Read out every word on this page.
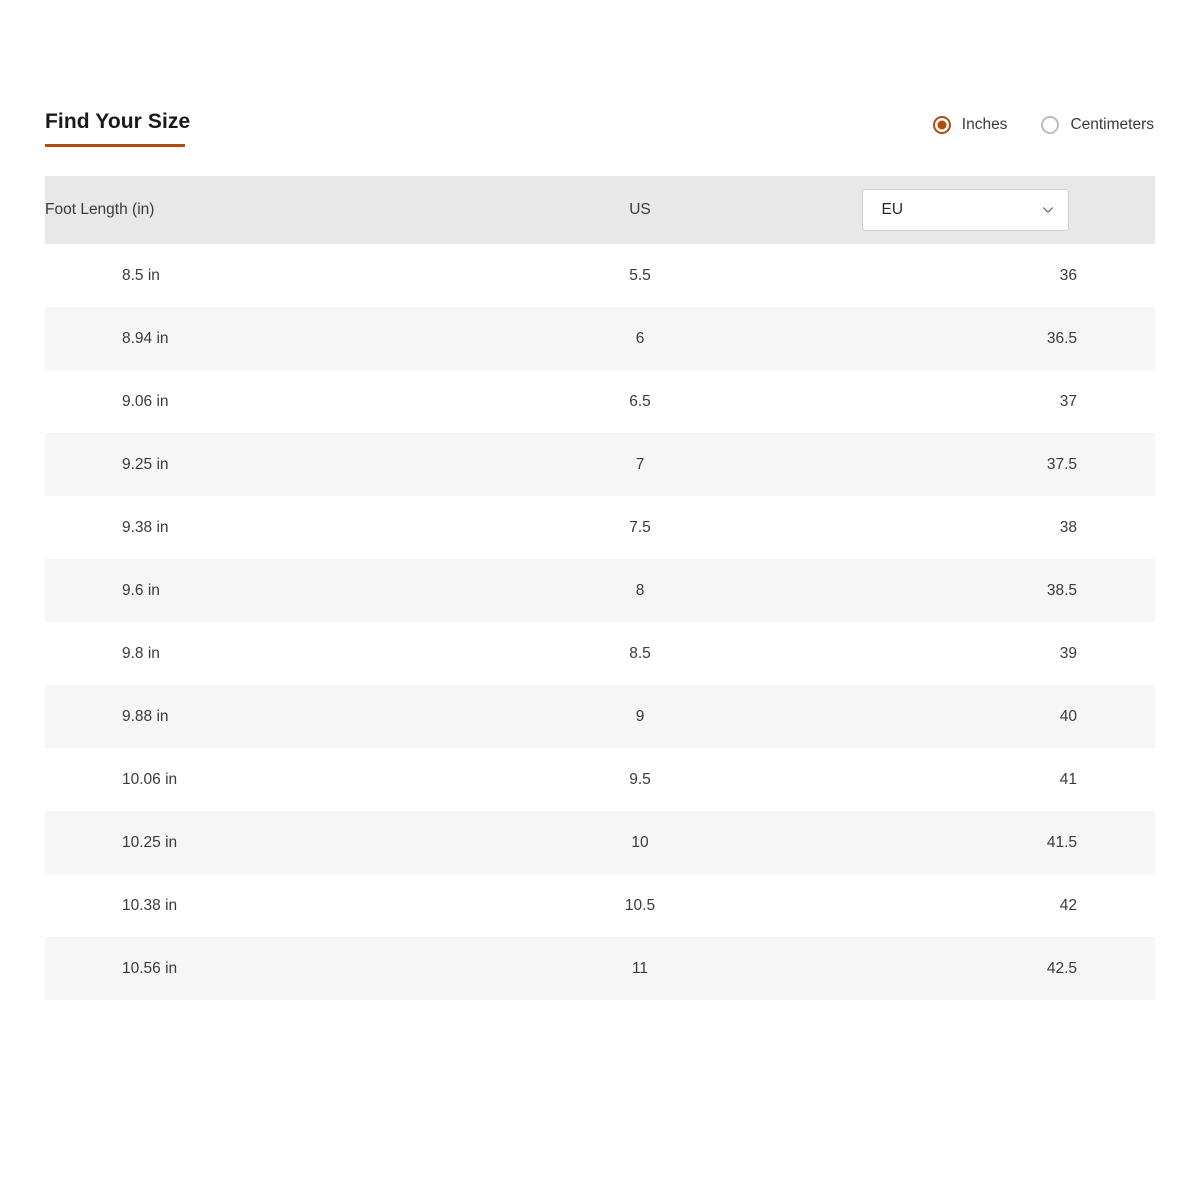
Find Your Size	Inches	Centimeters
Foot Length (in)	US	EU

8.5 in	5.5	36
8.94 in	6	36.5
9.06 in	6.5	37
9.25 in	7	37.5
9.38 in	7.5	38
9.6 in	8	38.5
9.8 in	8.5	39
9.88 in	9	40
10.06 in	9.5	41
10.25 in	10	41.5
10.38 in	10.5	42
10.56 in	11	42.5
